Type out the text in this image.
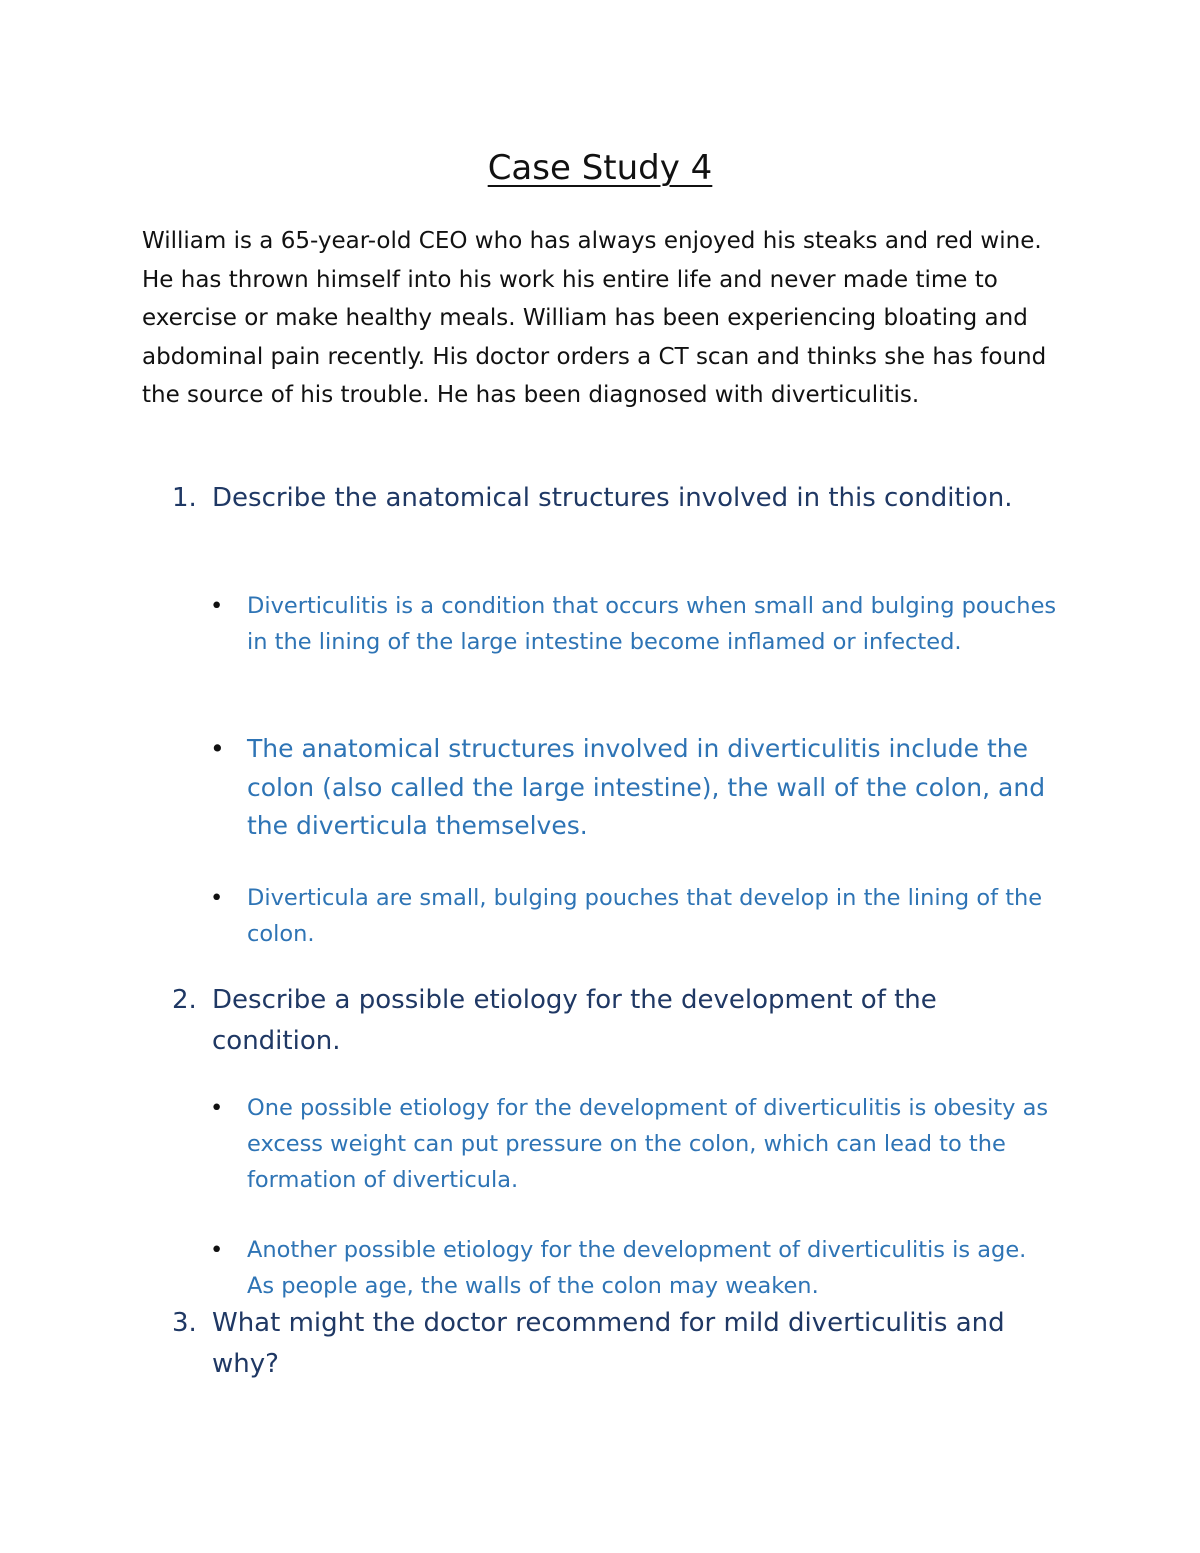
Case Study 4

William is a 65-year-old CEO who has always enjoyed his steaks and red wine. He has thrown himself into his work his entire life and never made time to exercise or make healthy meals. William has been experiencing bloating and abdominal pain recently. His doctor orders a CT scan and thinks she has found the source of his trouble. He has been diagnosed with diverticulitis.

1. Describe the anatomical structures involved in this condition.
•	Diverticulitis is a condition that occurs when small and bulging pouches in the lining of the large intestine become inflamed or infected.
• The anatomical structures involved in diverticulitis include the colon (also called the large intestine), the wall of the colon, and the diverticula themselves.
•	Diverticula are small, bulging pouches that develop in the lining of the colon.
2. Describe a possible etiology for the development of the condition.
•	One possible etiology for the development of diverticulitis is obesity as excess weight can put pressure on the colon, which can lead to the formation of diverticula.
•	Another possible etiology for the development of diverticulitis is age. As people age, the walls of the colon may weaken.
3. What might the doctor recommend for mild diverticulitis and why?
